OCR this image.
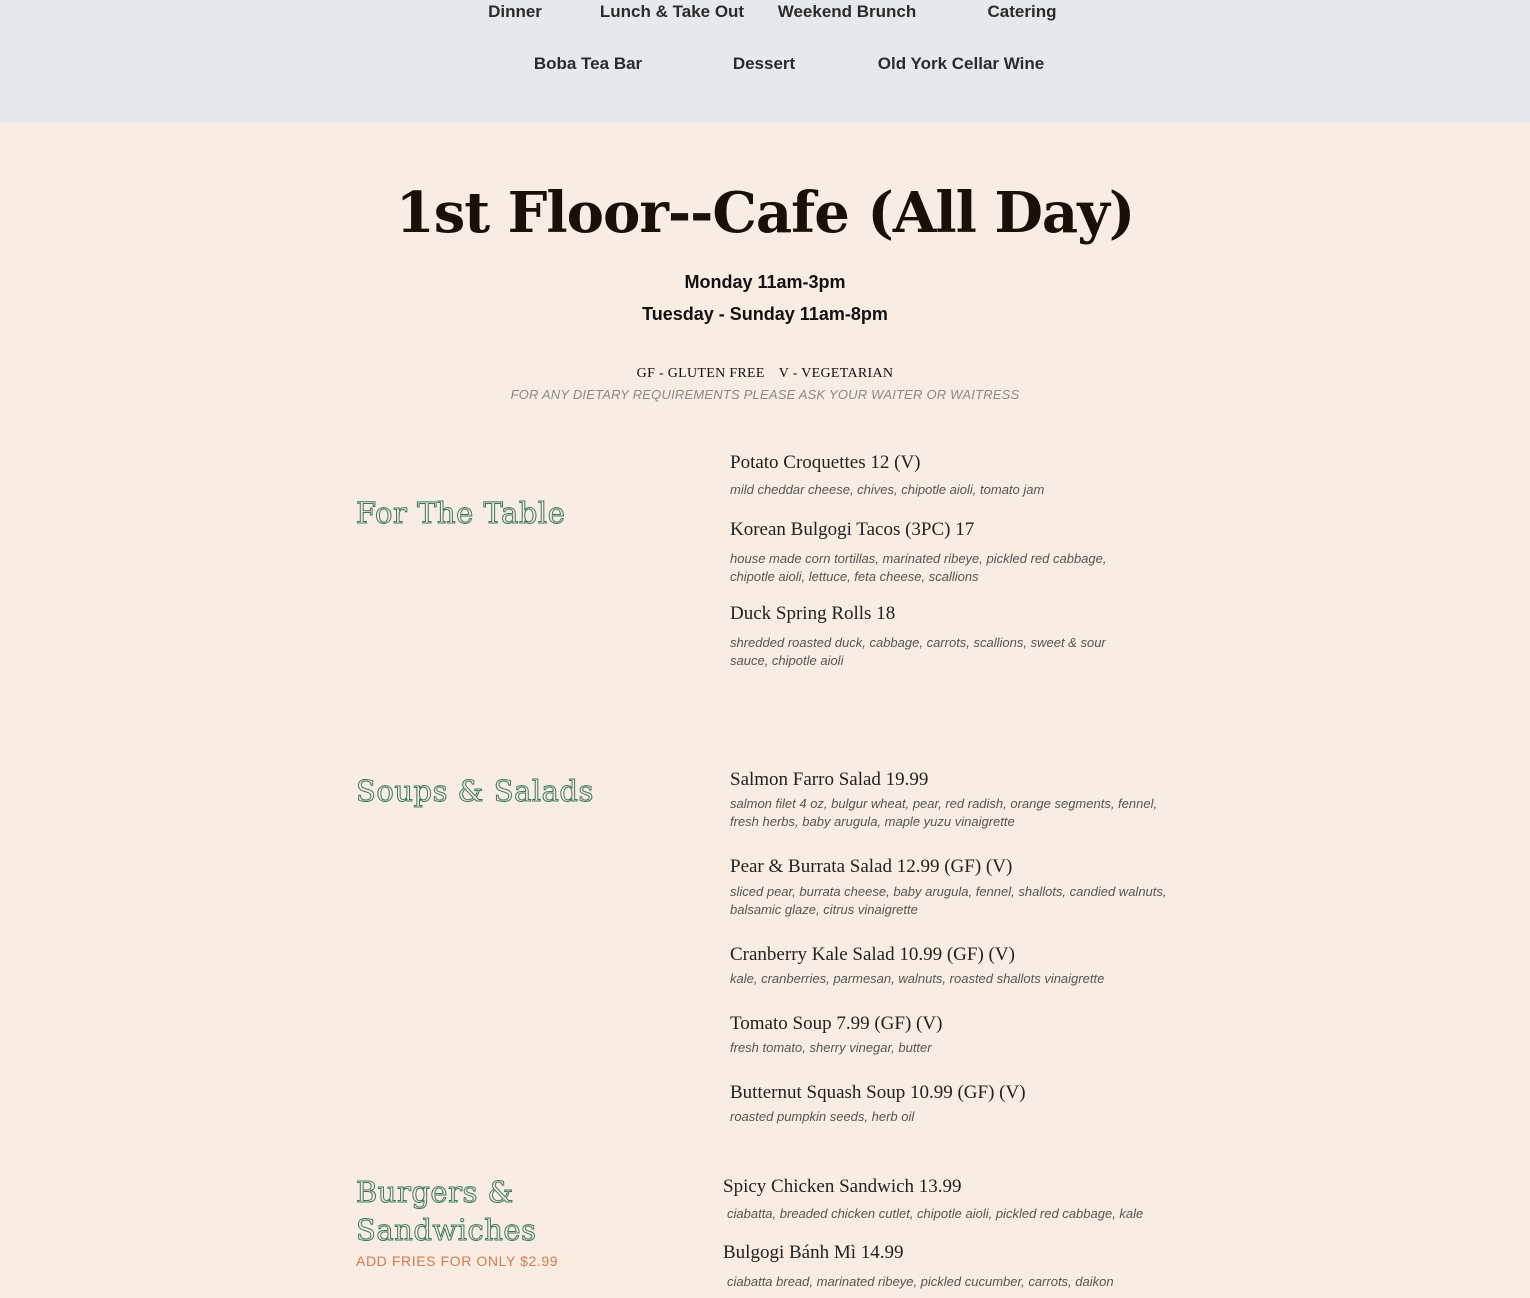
Dinner	Lunch & Take Out Weekend Brunch	Catering
Boba Tea Bar	Dessert	Old York Cellar Wine
1st Floor--Cafe (All Day)
Monday 11am-3pm
Tuesday - Sunday 11am-8pm
GF - GLUTEN FREE V - VEGETARIAN
FOR ANY DIETARY REQUIREMENTS PLEASE ASK YOUR WAITER OR WAITRESS
For The Table
Potato Croquettes 12 (V)
mild cheddar cheese, chives, chipotle aioli, tomato jam
Korean Bulgogi Tacos (3PC) 17
house made corn tortillas, marinated ribeye, pickled red cabbage, chipotle aioli, lettuce, feta cheese, scallions
Duck Spring Rolls 18
shredded roasted duck, cabbage, carrots, scallions, sweet & sour sauce, chipotle aioli
Soups & Salads	Salmon Farro Salad 19.99
salmon filet 4 oz, bulgur wheat, pear, red radish, orange segments, fennel, fresh herbs, baby arugula, maple yuzu vinaigrette
Pear & Burrata Salad 12.99 (GF) (V)
sliced pear, burrata cheese, baby arugula, fennel, shallots, candied walnuts, balsamic glaze, citrus vinaigrette
Cranberry Kale Salad 10.99 (GF) (V)
kale, cranberries, parmesan, walnuts, roasted shallots vinaigrette
Tomato Soup 7.99 (GF) (V)
fresh tomato, sherry vinegar, butter
Butternut Squash Soup 10.99 (GF) (V)
roasted pumpkin seeds, herb oil
Burgers & Sandwiches
ADD FRIES FOR ONLY $2.99
Spicy Chicken Sandwich 13.99
ciabatta, breaded chicken cutlet, chipotle aioli, pickled red cabbage, kale
Bulgogi Bánh Mì 14.99
ciabatta bread, marinated ribeye, pickled cucumber, carrots, daikon
